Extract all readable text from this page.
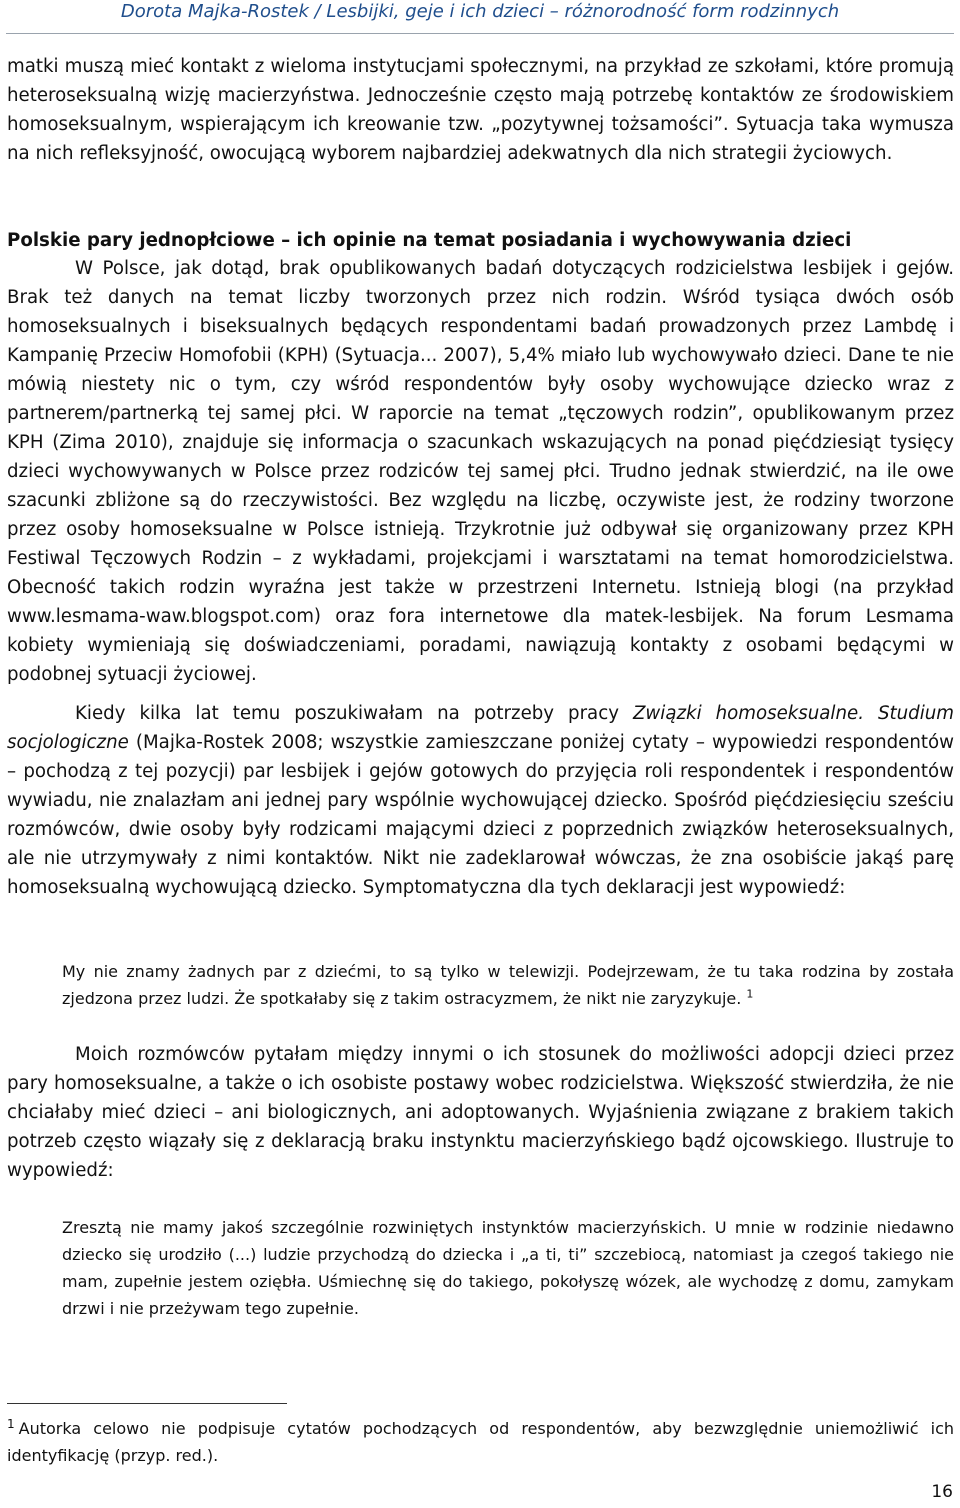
Dorota Majka-Rostek / Lesbijki, geje i ich dzieci – różnorodność form rodzinnych

matki muszą mieć kontakt z wieloma instytucjami społecznymi, na przykład ze szkołami, które promują heteroseksualną wizję macierzyństwa. Jednocześnie często mają potrzebę kontaktów ze środowiskiem homoseksualnym, wspierającym ich kreowanie tzw. „pozytywnej tożsamości”. Sytuacja taka wymusza na nich refleksyjność, owocującą wyborem najbardziej adekwatnych dla nich strategii życiowych.

Polskie pary jednopłciowe – ich opinie na temat posiadania i wychowywania dzieci

W Polsce, jak dotąd, brak opublikowanych badań dotyczących rodzicielstwa lesbijek i gejów. Brak też danych na temat liczby tworzonych przez nich rodzin. Wśród tysiąca dwóch osób homoseksualnych i biseksualnych będących respondentami badań prowadzonych przez Lambdę i Kampanię Przeciw Homofobii (KPH) (Sytuacja... 2007), 5,4% miało lub wychowywało dzieci. Dane te nie mówią niestety nic o tym, czy wśród respondentów były osoby wychowujące dziecko wraz z partnerem/partnerką tej samej płci. W raporcie na temat „tęczowych rodzin”, opublikowanym przez KPH (Zima 2010), znajduje się informacja o szacunkach wskazujących na ponad pięćdziesiąt tysięcy dzieci wychowywanych w Polsce przez rodziców tej samej płci. Trudno jednak stwierdzić, na ile owe szacunki zbliżone są do rzeczywistości. Bez względu na liczbę, oczywiste jest, że rodziny tworzone przez osoby homoseksualne w Polsce istnieją. Trzykrotnie już odbywał się organizowany przez KPH Festiwal Tęczowych Rodzin – z wykładami, projekcjami i warsztatami na temat homorodzicielstwa. Obecność takich rodzin wyraźna jest także w przestrzeni Internetu. Istnieją blogi (na przykład www.lesmama-waw.blogspot.com) oraz fora internetowe dla matek-lesbijek. Na forum Lesmama kobiety wymieniają się doświadczeniami, poradami, nawiązują kontakty z osobami będącymi w podobnej sytuacji życiowej.

Kiedy kilka lat temu poszukiwałam na potrzeby pracy Związki homoseksualne. Studium socjologiczne (Majka-Rostek 2008; wszystkie zamieszczane poniżej cytaty – wypowiedzi respondentów – pochodzą z tej pozycji) par lesbijek i gejów gotowych do przyjęcia roli respondentek i respondentów wywiadu, nie znalazłam ani jednej pary wspólnie wychowującej dziecko. Spośród pięćdziesięciu sześciu rozmówców, dwie osoby były rodzicami mającymi dzieci z poprzednich związków heteroseksualnych, ale nie utrzymywały z nimi kontaktów. Nikt nie zadeklarował wówczas, że zna osobiście jakąś parę homoseksualną wychowującą dziecko. Symptomatyczna dla tych deklaracji jest wypowiedź:

My nie znamy żadnych par z dziećmi, to są tylko w telewizji. Podejrzewam, że tu taka rodzina by została zjedzona przez ludzi. Że spotkałaby się z takim ostracyzmem, że nikt nie zaryzykuje. $^1$

Moich rozmówców pytałam między innymi o ich stosunek do możliwości adopcji dzieci przez pary homoseksualne, a także o ich osobiste postawy wobec rodzicielstwa. Większość stwierdziła, że nie chciałaby mieć dzieci – ani biologicznych, ani adoptowanych. Wyjaśnienia związane z brakiem takich potrzeb często wiązały się z deklaracją braku instynktu macierzyńskiego bądź ojcowskiego. Ilustruje to wypowiedź:

Zresztą nie mamy jakoś szczególnie rozwiniętych instynktów macierzyńskich. U mnie w rodzinie niedawno dziecko się urodziło (...) ludzie przychodzą do dziecka i „a ti, ti” szczebiocą, natomiast ja czegoś takiego nie mam, zupełnie jestem oziębła. Uśmiechnę się do takiego, pokołyszę wózek, ale wychodzę z domu, zamykam drzwi i nie przeżywam tego zupełnie.

$^1$ Autorka celowo nie podpisuje cytatów pochodzących od respondentów, aby bezwzględnie uniemożliwić ich identyfikację (przyp. red.).

16
